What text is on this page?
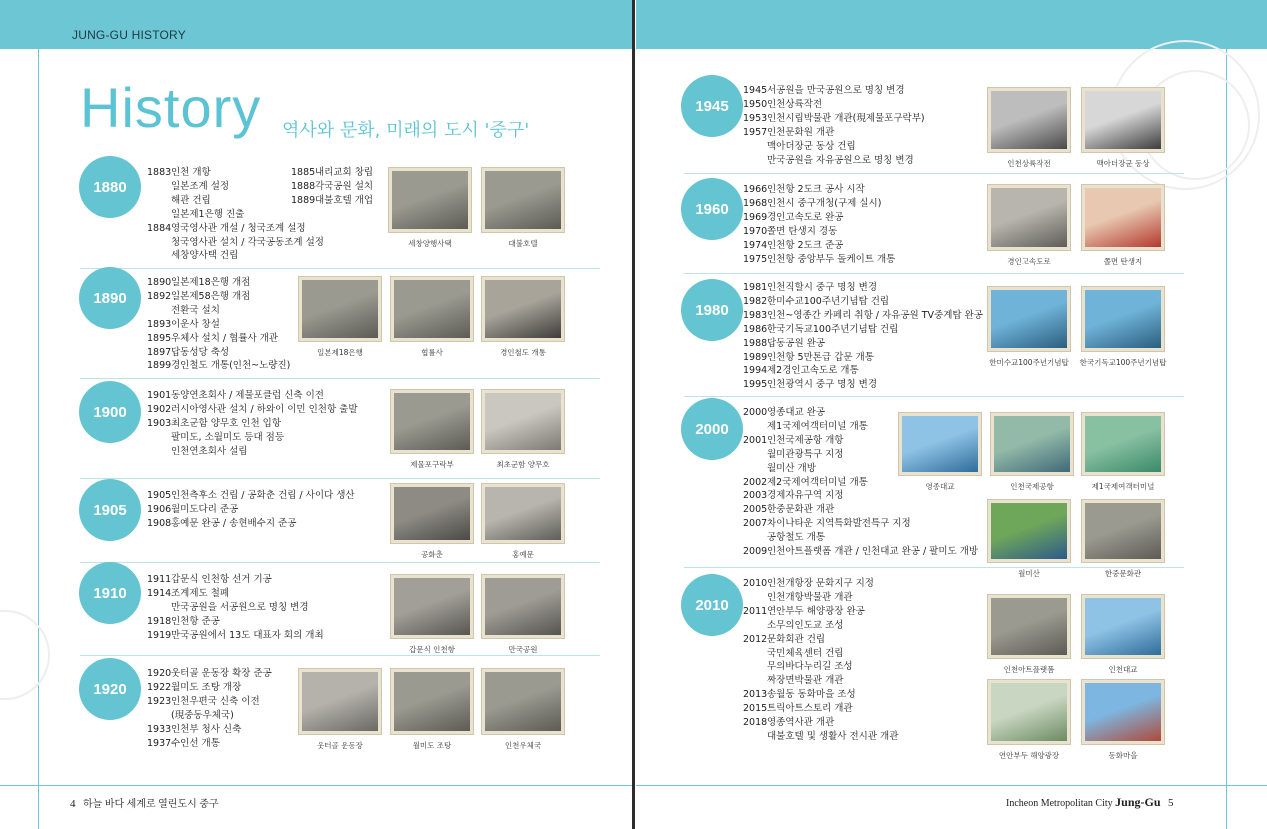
JUNG-GU HISTORY
History 역사와 문화, 미래의 도시 '중구'
1880
1883인천 개항
일본조계 설정
해관 건립
일본제1은행 진출
1884영국영사관 개설 / 청국조계 설정
청국영사관 설치 / 각국공동조계 설정
세창양사택 건립
1885내리교회 창립
1888각국공원 설치
1889대불호텔 개업
세창양행사택	대불호텔
1890
1890일본제18은행 개점
1892일본제58은행 개점
전환국 설치
1893이운사 창설
1895우체사 설치 / 협률사 개관
1897답동성당 축성
1899경인철도 개통(인천~노량진)
일본제18은행	협률사	경인철도 개통
1900
1901동양연초회사 / 제물포클럽 신축 이전
1902러시아영사관 설치 / 하와이 이민 인천항 출발
1903최초군함 양무호 인천 입항
팔미도, 소월미도 등대 점등
인천연초회사 설립
제물포구락부	최초군함 양무호
1905
1905인천측후소 건립 / 공화춘 건립 / 사이다 생산
1906월미도다리 준공
1908홍예문 완공 / 송현배수지 준공
공화춘	홍예문
1910
1911갑문식 인천항 선거 기공
1914조계제도 철폐
만국공원을 서공원으로 명칭 변경
1918인천항 준공
1919만국공원에서 13도 대표자 회의 개최
갑문식 인천항	만국공원
1920
1920웃터골 운동장 확장 준공
1922월미도 조탕 개장
1923인천우편국 신축 이전
(現중동우체국)
1933인천부 청사 신축
1937수인선 개통	웃터골 운동장	월미도 조탕	인천우체국
1945
1945서공원을 만국공원으로 명칭 변경
1950인천상륙작전
1953인천시립박물관 개관(現제물포구락부)
1957인천문화원 개관
맥아더장군 동상 건립
만국공원을 자유공원으로 명칭 변경	인천상륙작전	맥아더장군 동상
1960
1966인천항 2도크 공사 시작
1968인천시 중구개청(구제 실시)
1969경인고속도로 완공
1970쫄면 탄생지 경동
1974인천항 2도크 준공
1975인천항 중앙부두 돌케이트 개통	경인고속도로	쫄면 탄생지
1980
1981인천직할시 중구 명칭 변경
1982한미수교100주년기념탑 건립
1983인천~영종간 카페리 취항 / 자유공원 TV중계탑 완공
1986한국기독교100주년기념탑 건립
1988답동공원 완공
1989인천항 5만톤급 갑문 개통
1994제2경인고속도로 개통
1995인천광역시 중구 명칭 변경
한미수교100주년기념탑	한국기독교100주년기념탑
2000
2000영종대교 완공
제1국제여객터미널 개통
2001인천국제공항 개항
월미관광특구 지정
월미산 개방
2002제2국제여객터미널 개통
2003경제자유구역 지정
2005한중문화관 개관
2007차이나타운 지역특화발전특구 지정
공항철도 개통
2009인천아트플랫폼 개관 / 인천대교 완공 / 팔미도 개방
영종대교	인천국제공항	제1국제여객터미널
월미산	한중문화관
2010
2010인천개항장 문화지구 지정
인천개항박물관 개관
2011연안부두 해양광장 완공
소무의인도교 조성
2012문화회관 건립
국민체육센터 건립
무의바다누리길 조성
짜장면박물관 개관
2013송월동 동화마을 조성
2015트릭아트스토리 개관
2018영종역사관 개관
대불호텔 및 생활사 전시관 개관
인천아트플랫폼	인천대교
연안부두 해양광장	동화마을
4 하늘 바다 세계로 열린도시 중구	Incheon Metropolitan City Jung-Gu 5
